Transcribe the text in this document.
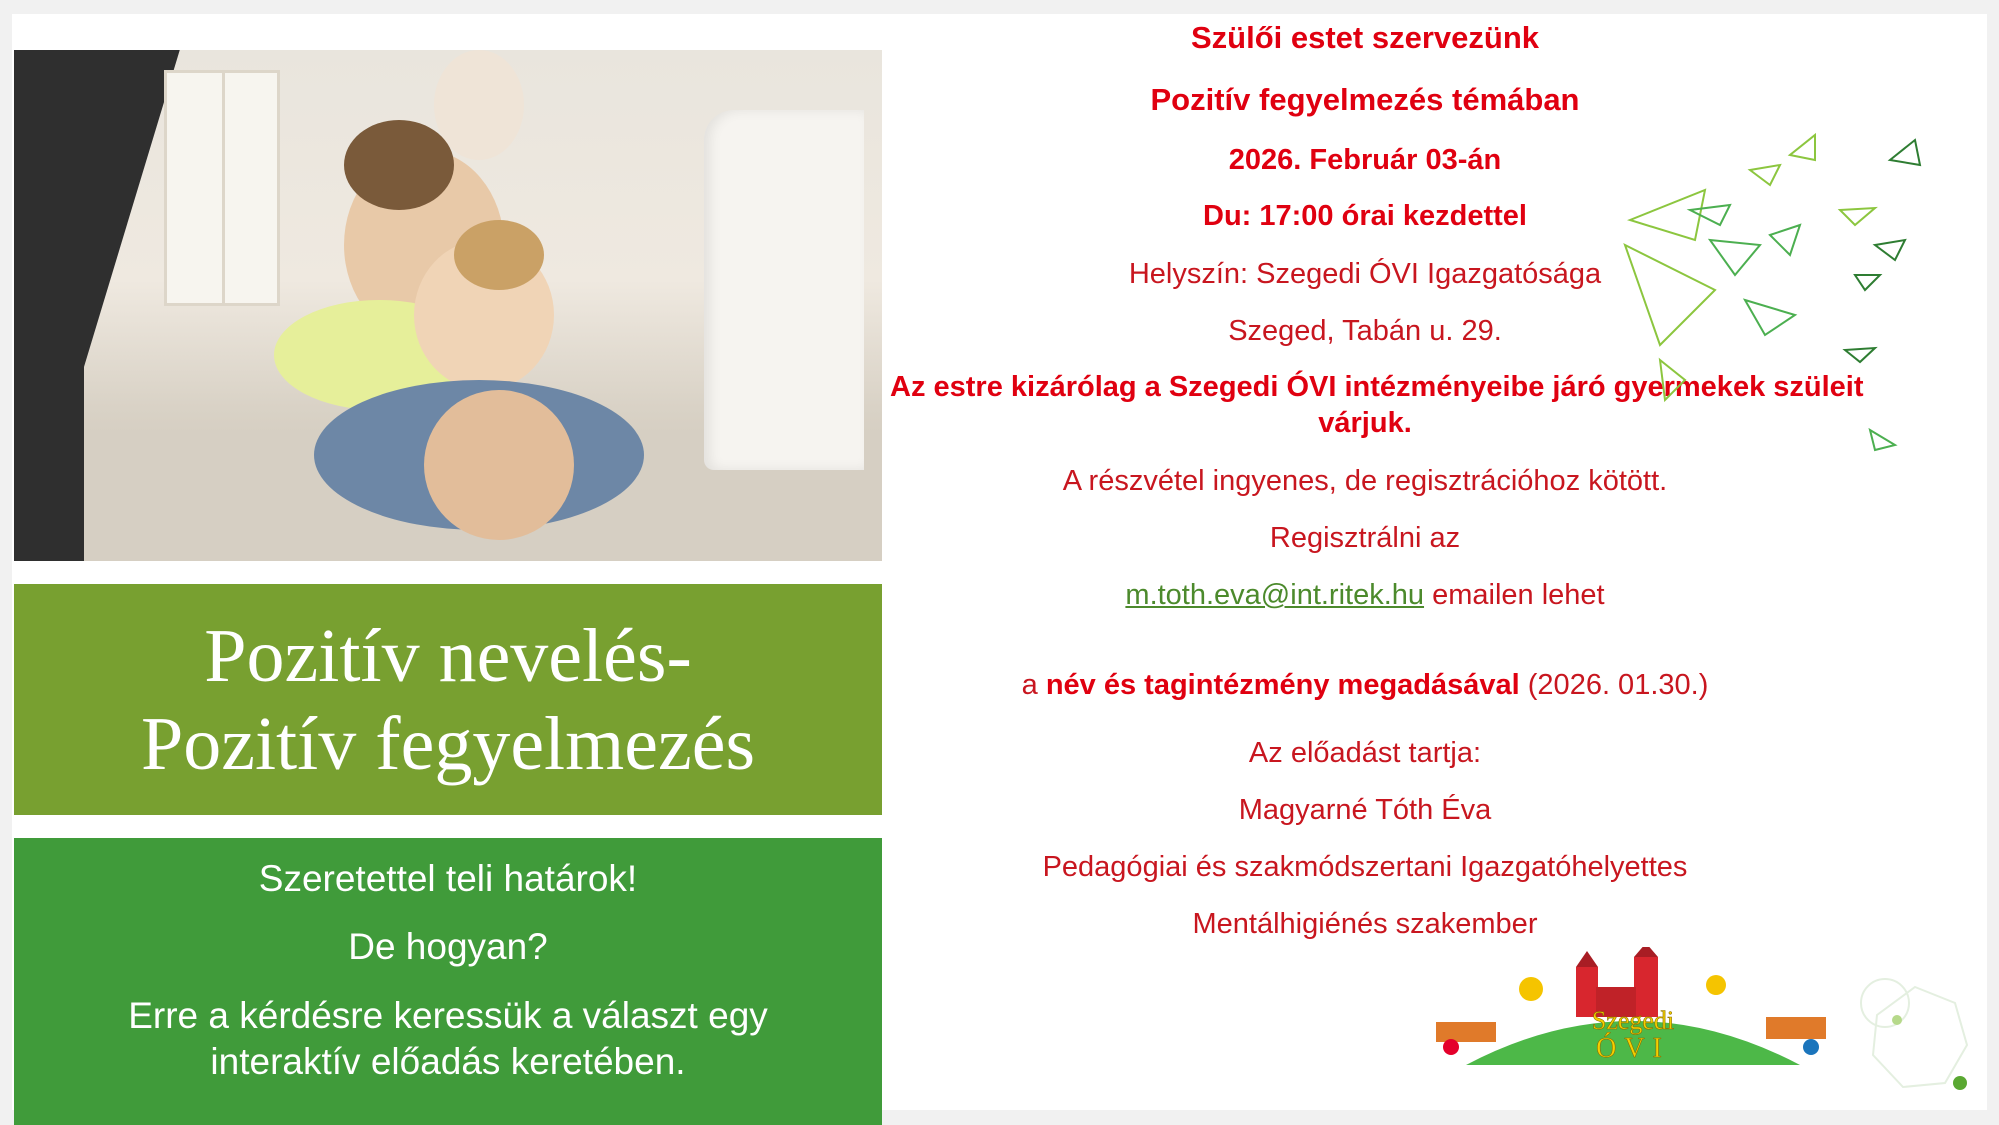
Pozitív nevelés-
Pozitív fegyelmezés
Szeretettel teli határok!
De hogyan?
Erre a kérdésre keressük a választ egy
interaktív előadás keretében.
Szülői estet szervezünk
Pozitív fegyelmezés témában
2026. Február 03-án
Du: 17:00 órai kezdettel
Helyszín: Szegedi ÓVI Igazgatósága
Szeged, Tabán u. 29.
Az estre kizárólag a Szegedi ÓVI intézményeibe járó gyermekek szüleit
várjuk.
A részvétel ingyenes, de regisztrációhoz kötött.
Regisztrálni az
m.toth.eva@int.ritek.hu emailen lehet
a név és tagintézmény megadásával (2026. 01.30.)
Az előadást tartja:
Magyarné Tóth Éva
Pedagógiai és szakmódszertani Igazgatóhelyettes
Mentálhigiénés szakember
Szegedi
ÓVI
